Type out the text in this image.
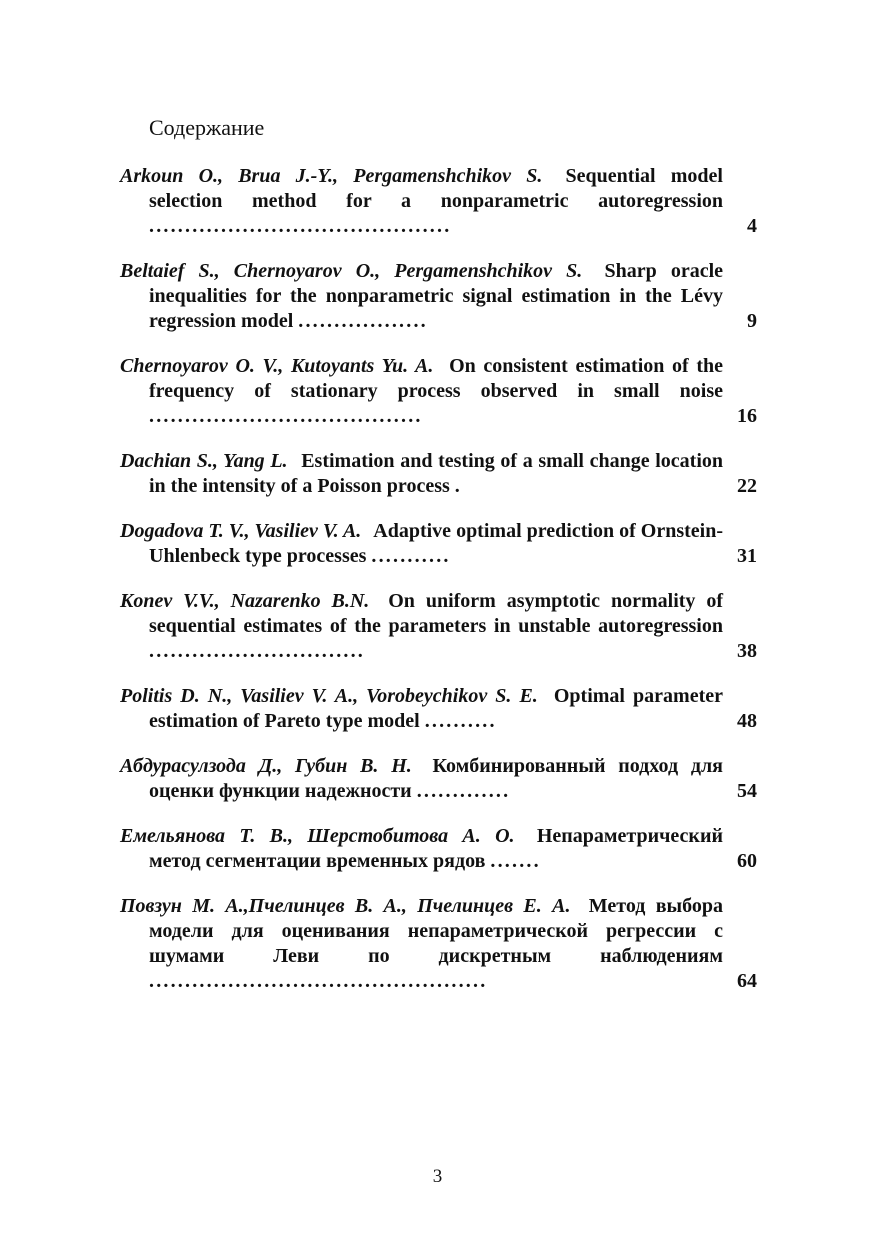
Содержание
Arkoun O., Brua J.-Y., Pergamenshchikov S. Sequential model selection method for a nonparametric autoregression ..........................................	4
Beltaief S., Chernoyarov O., Pergamenshchikov S. Sharp oracle inequalities for the nonparametric signal estimation in the Lévy regression model ..................	9
Chernoyarov O. V., Kutoyants Yu. A. On consistent estimation of the frequency of stationary process observed in small noise ......................................	16
Dachian S., Yang L. Estimation and testing of a small change location in the intensity of a Poisson process .	22
Dogadova T. V., Vasiliev V. A. Adaptive optimal prediction of Ornstein-Uhlenbeck type processes ...........	31
Konev V.V., Nazarenko B.N. On uniform asymptotic normality of sequential estimates of the parameters in unstable autoregression ..............................	38
Politis D. N., Vasiliev V. A., Vorobeychikov S. E. Optimal parameter estimation of Pareto type model ..........	48
Абдурасулзода Д., Губин В. Н. Комбинированный подход для оценки функции надежности .............	54
Емельянова Т. В., Шерстобитова А. О. Непараметрический метод сегментации временных рядов .......	60
Повзун М. А.,Пчелинцев В. А., Пчелинцев Е. А. Метод выбора модели для оценивания непараметрической регрессии с шумами Леви по дискретным наблюдениям ...............................................	64
3
